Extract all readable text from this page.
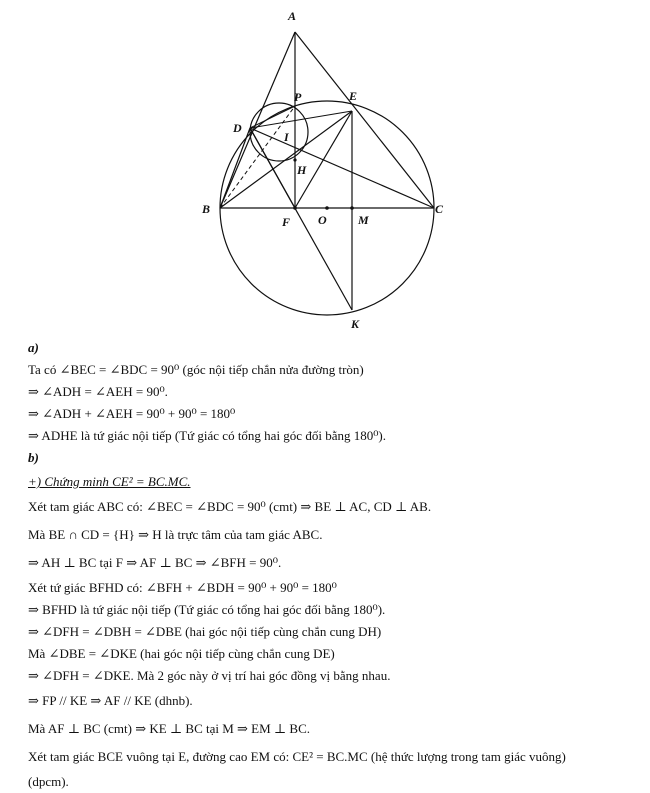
A
P	E
D
I
H
B
F O	M
C
K
a)
Ta có ∠BEC = ∠BDC = 90⁰ (góc nội tiếp chắn nửa đường tròn)
⇒ ∠ADH = ∠AEH = 90⁰.
⇒ ∠ADH + ∠AEH = 90⁰ + 90⁰ = 180⁰
⇒ ADHE là tứ giác nội tiếp (Tứ giác có tổng hai góc đối bằng 180⁰).
b)
+) Chứng minh CE² = BC.MC.
Xét tam giác ABC có: ∠BEC = ∠BDC = 90⁰ (cmt) ⇒ BE ⊥ AC, CD ⊥ AB.
Mà BE ∩ CD = {H} ⇒ H là trực tâm của tam giác ABC.
⇒ AH ⊥ BC tại F ⇒ AF ⊥ BC ⇒ ∠BFH = 90⁰.
Xét tứ giác BFHD có: ∠BFH + ∠BDH = 90⁰ + 90⁰ = 180⁰
⇒ BFHD là tứ giác nội tiếp (Tứ giác có tổng hai góc đối bằng 180⁰).
⇒ ∠DFH = ∠DBH = ∠DBE (hai góc nội tiếp cùng chắn cung DH)
Mà ∠DBE = ∠DKE (hai góc nội tiếp cùng chắn cung DE)
⇒ ∠DFH = ∠DKE. Mà 2 góc này ở vị trí hai góc đồng vị bằng nhau.
⇒ FP // KE ⇒ AF // KE (dhnb).
Mà AF ⊥ BC (cmt) ⇒ KE ⊥ BC tại M ⇒ EM ⊥ BC.
Xét tam giác BCE vuông tại E, đường cao EM có: CE² = BC.MC (hệ thức lượng trong tam giác vuông)
(dpcm).
